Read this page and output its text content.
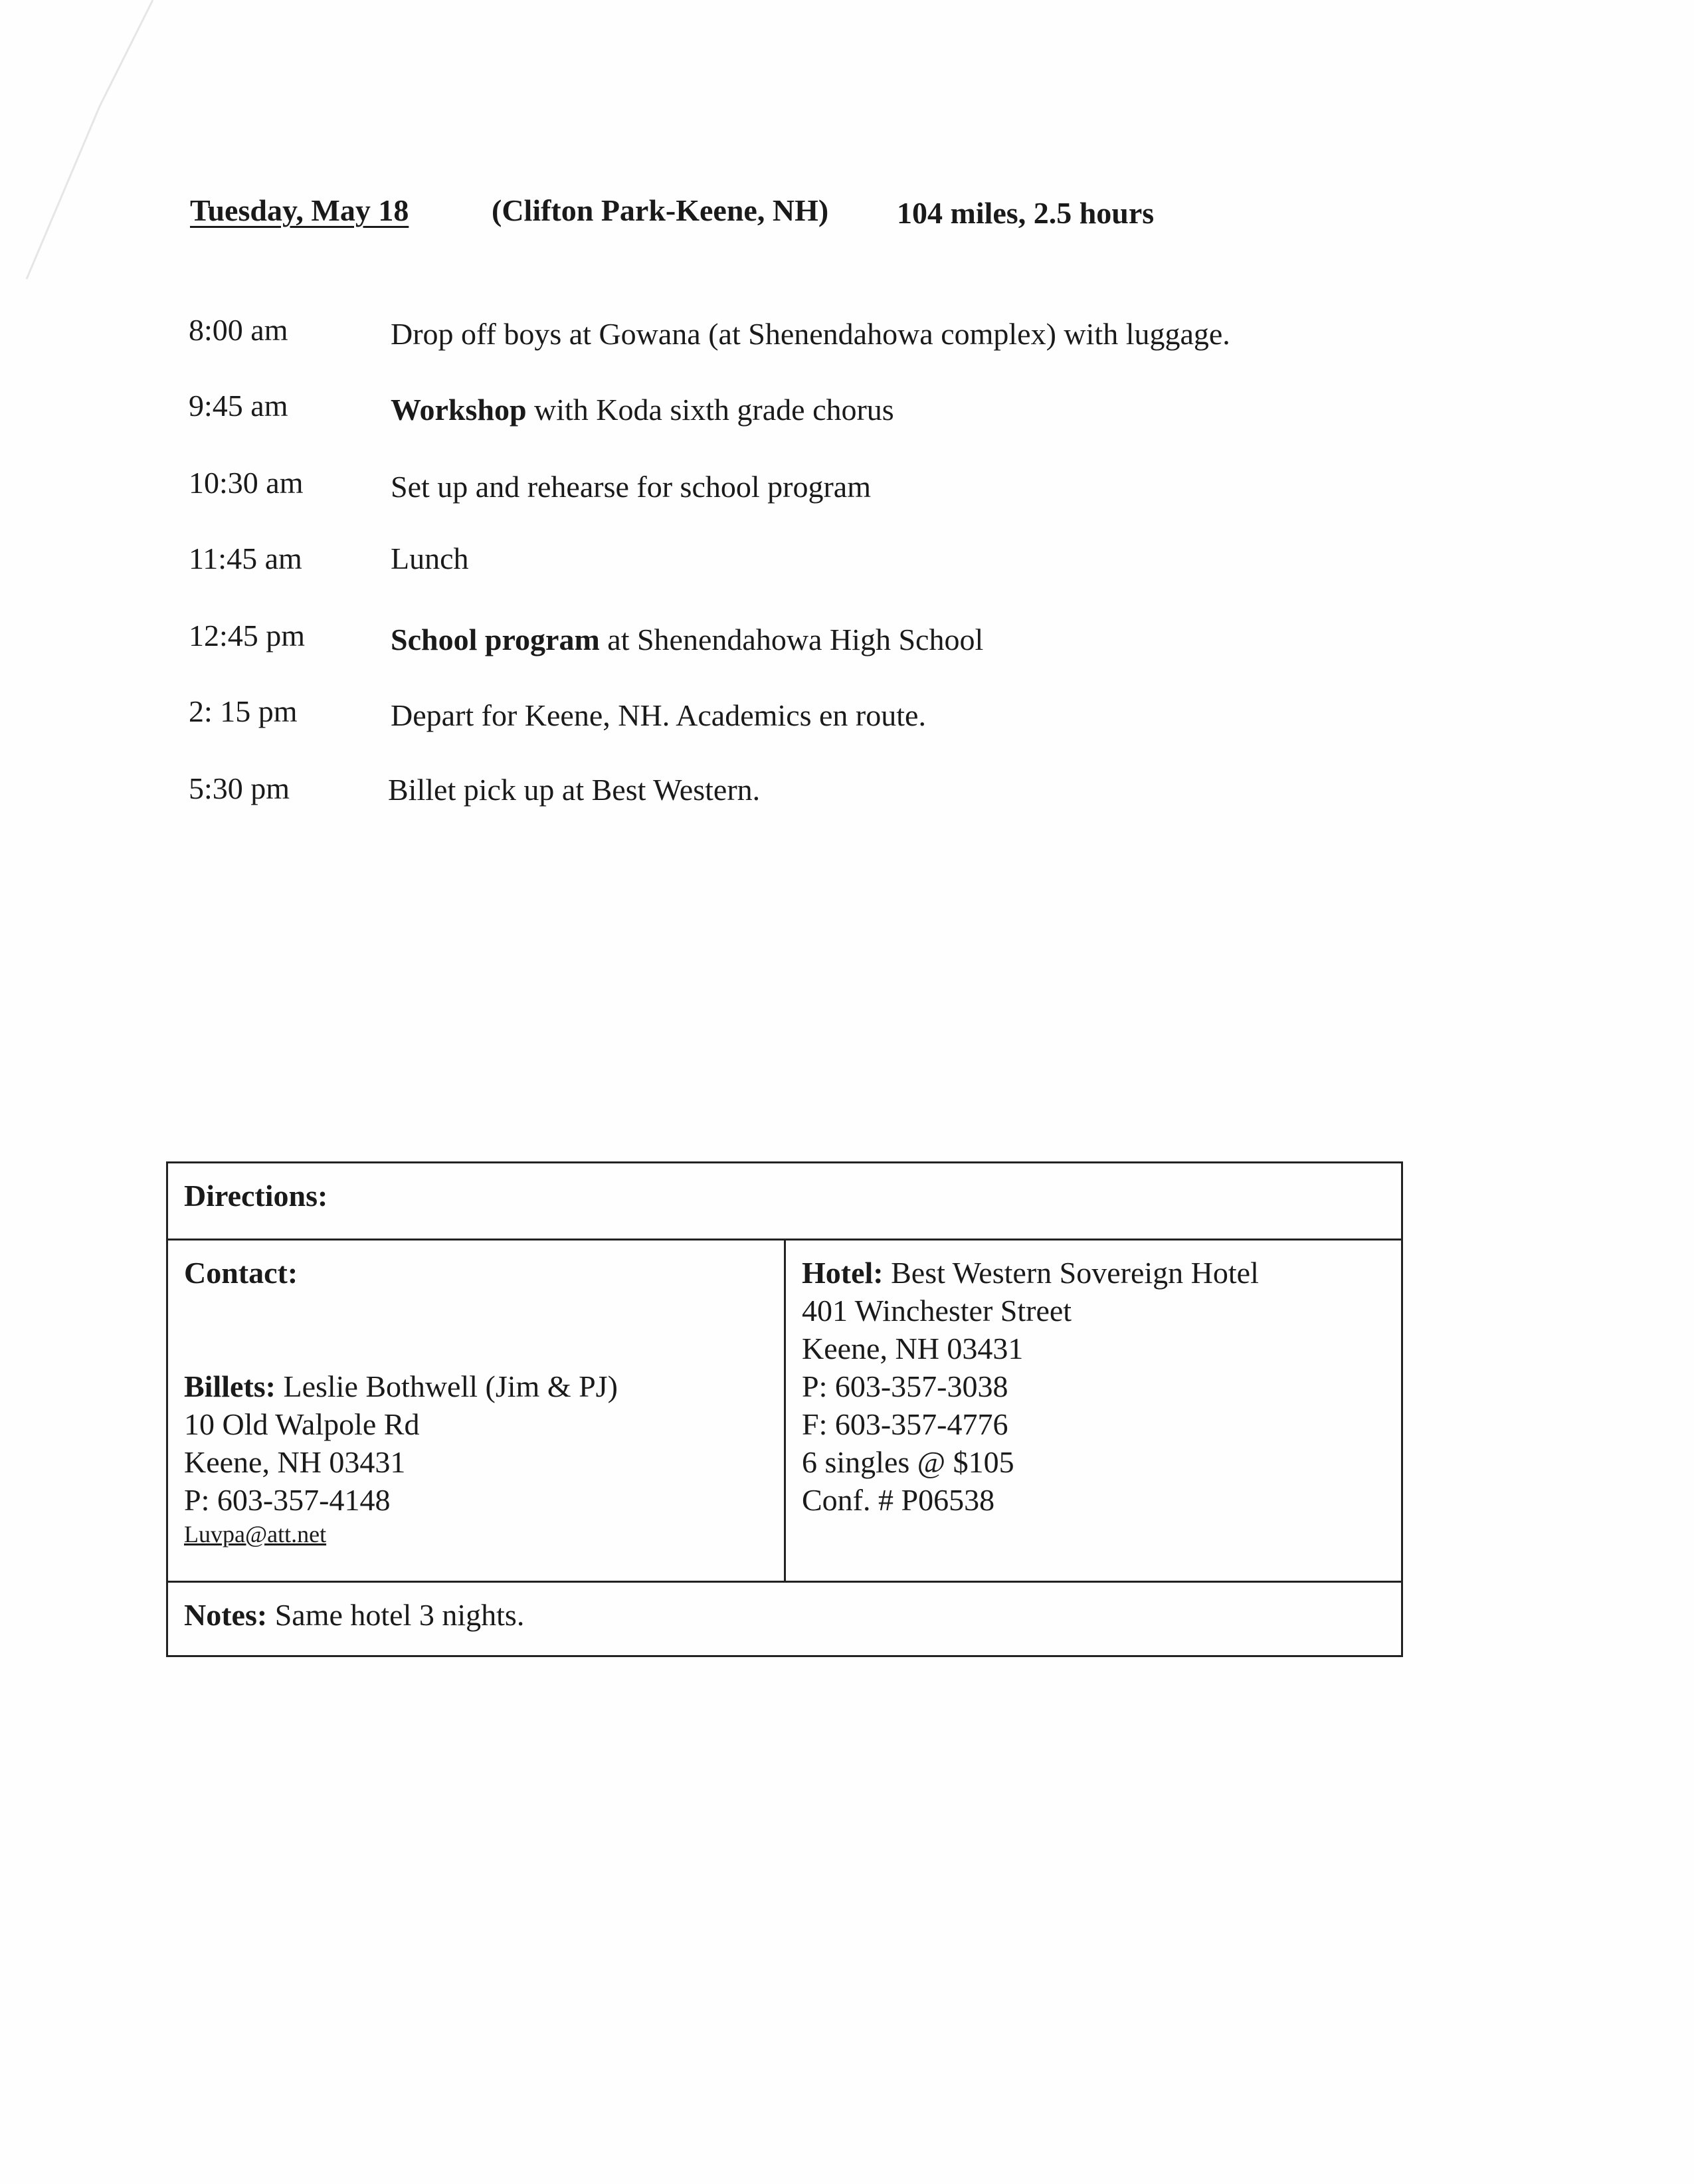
Tuesday, May 18	(Clifton Park-Keene, NH) 104 miles, 2.5 hours
8:00 am	Drop off boys at Gowana (at Shenendahowa complex) with luggage.
9:45 am	Workshop with Koda sixth grade chorus
10:30 am	Set up and rehearse for school program
11:45 am	Lunch
12:45 pm	School program at Shenendahowa High School
2: 15 pm	Depart for Keene, NH. Academics en route.
5:30 pm	Billet pick up at Best Western.
Directions:
Contact:
Billets: Leslie Bothwell (Jim & PJ)
10 Old Walpole Rd
Keene, NH 03431
P: 603-357-4148
Luvpa@att.net
Hotel: Best Western Sovereign Hotel
401 Winchester Street
Keene, NH 03431
P: 603-357-3038
F: 603-357-4776
6 singles @ $105
Conf. # P06538
Notes: Same hotel 3 nights.
